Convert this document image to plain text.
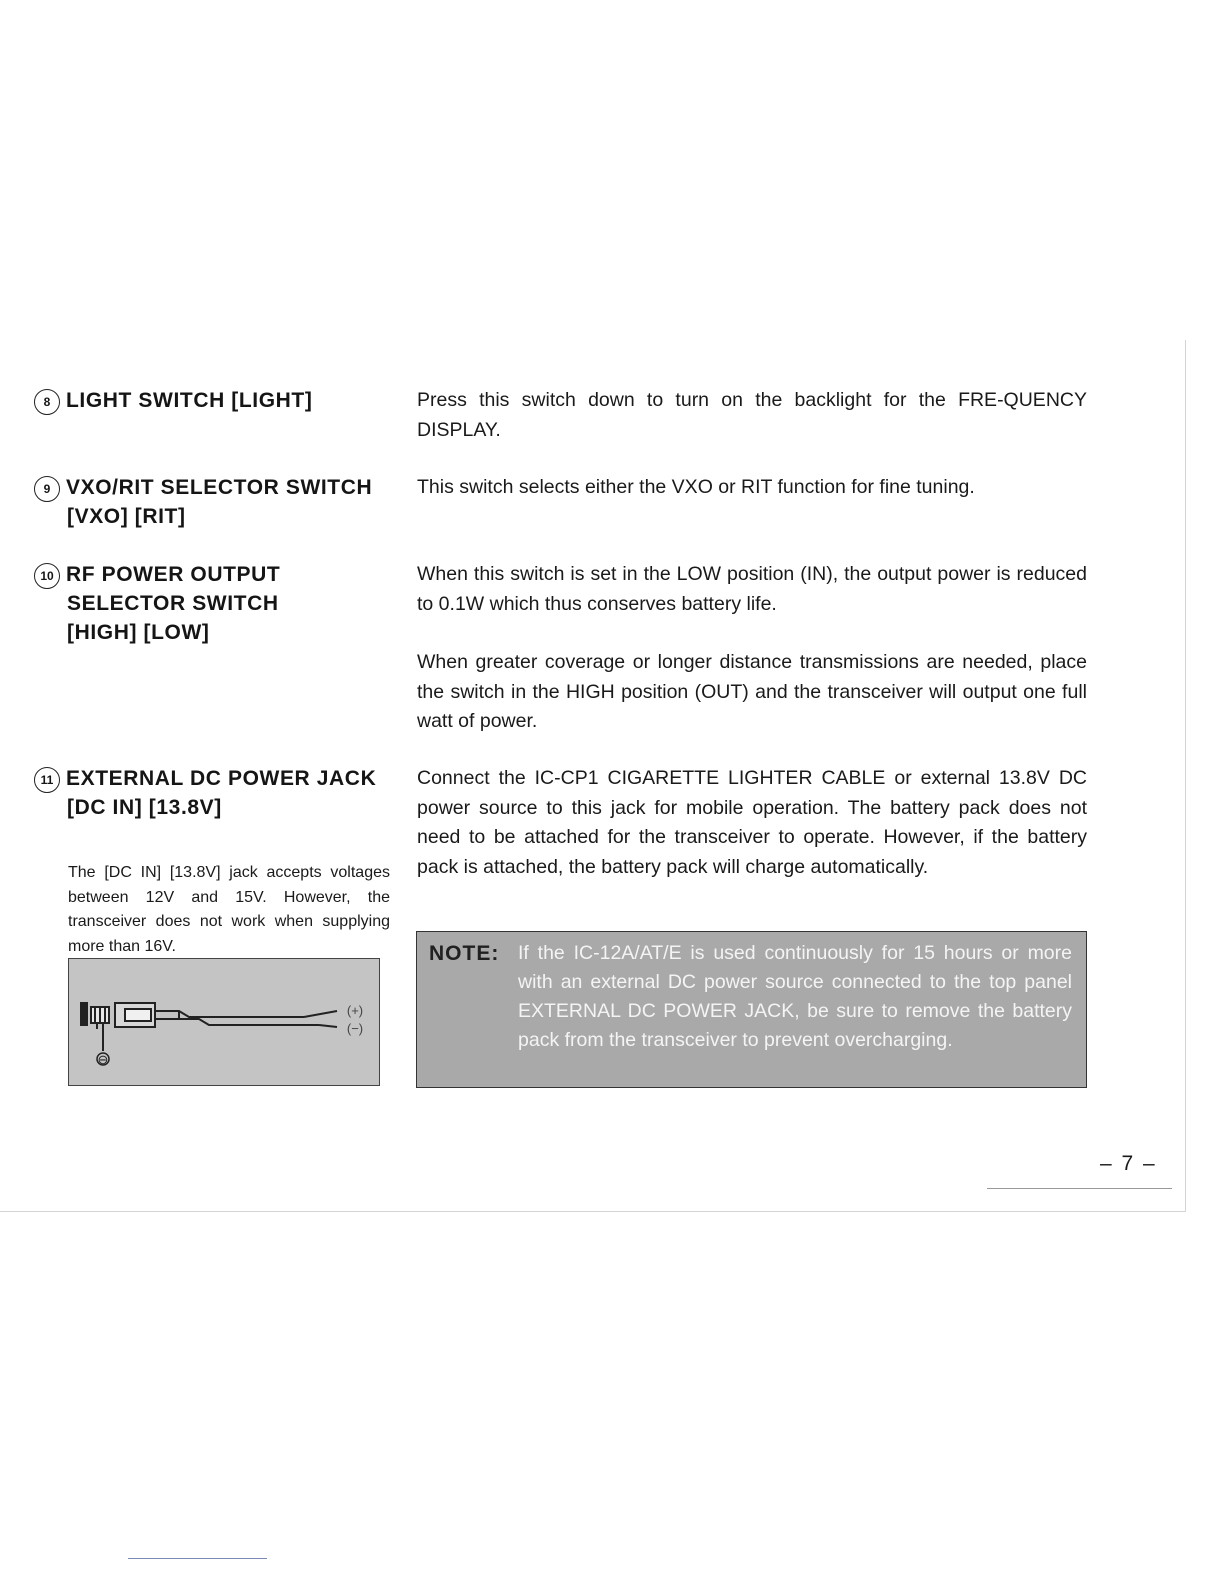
8 LIGHT SWITCH [LIGHT]	Press this switch down to turn on the backlight for the FRE-QUENCY DISPLAY.

9 VXO/RIT SELECTOR SWITCH
[VXO] [RIT]

This switch selects either the VXO or RIT function for fine tuning.

10 RF POWER OUTPUT
SELECTOR SWITCH
[HIGH] [LOW]

When this switch is set in the LOW position (IN), the output power is reduced to 0.1W which thus conserves battery life.

When greater coverage or longer distance transmissions are needed, place the switch in the HIGH position (OUT) and the transceiver will output one full watt of power.

11 EXTERNAL DC POWER JACK
[DC IN] [13.8V]

Connect the IC-CP1 CIGARETTE LIGHTER CABLE or external 13.8V DC power source to this jack for mobile operation. The battery pack does not need to be attached for the transceiver to operate. However, if the battery pack is attached, the battery pack will charge automatically.

The [DC IN] [13.8V] jack accepts voltages between 12V and 15V. However, the transceiver does not work when supplying more than 16V.
⊖
(+)
(−)
NOTE: If the IC-12A/AT/E is used continuously for 15 hours or more with an external DC power source connected to the top panel EXTERNAL DC POWER JACK, be sure to remove the battery pack from the transceiver to prevent overcharging.
– 7 –
